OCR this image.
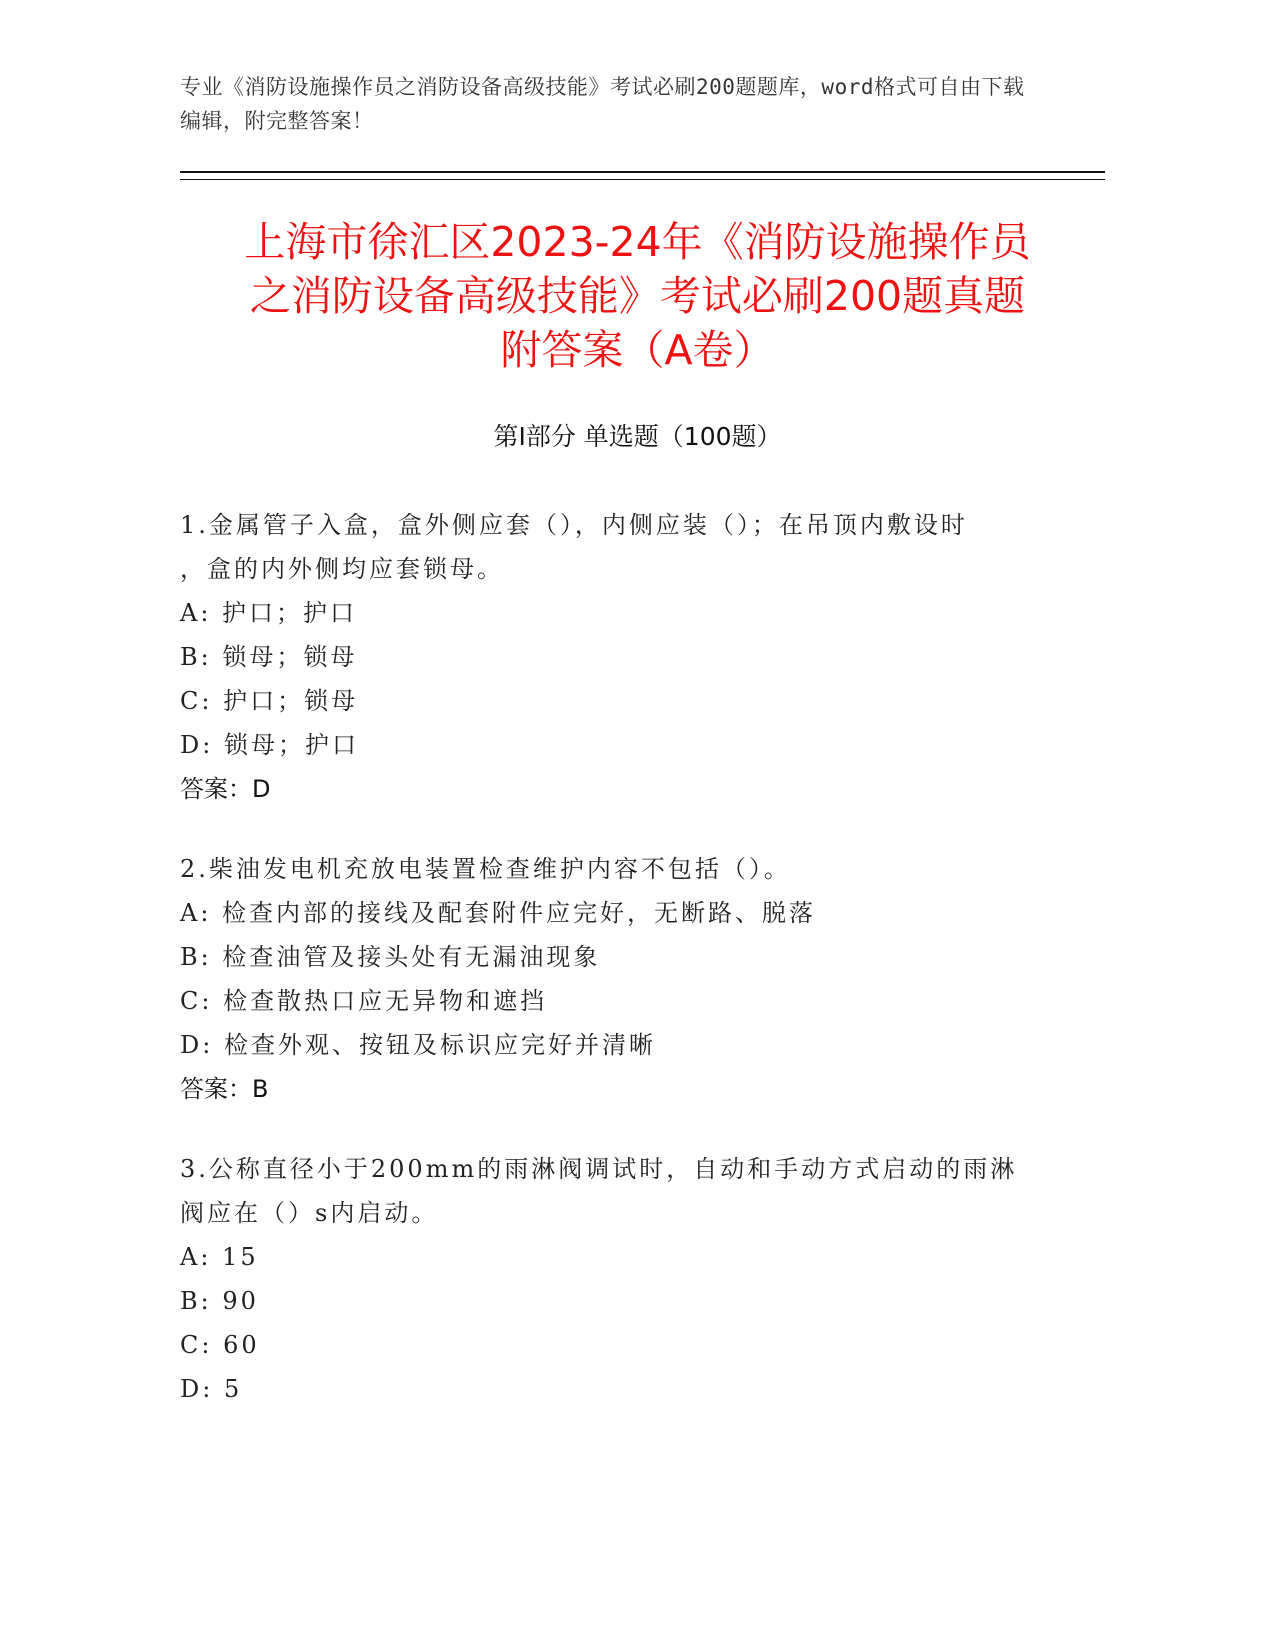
专业《消防设施操作员之消防设备高级技能》考试必刷200题题库，word格式可自由下载编辑，附完整答案！
上海市徐汇区2023-24年《消防设施操作员
之消防设备高级技能》考试必刷200题真题
附答案（A卷）
第Ⅰ部分 单选题（100题）
1.金属管子入盒，盒外侧应套（），内侧应装（）；在吊顶内敷设时
，盒的内外侧均应套锁母。
A: 护口；护口
B: 锁母；锁母
C: 护口；锁母
D: 锁母；护口
答案：D
2.柴油发电机充放电装置检查维护内容不包括（）。
A: 检查内部的接线及配套附件应完好，无断路、脱落
B: 检查油管及接头处有无漏油现象
C: 检查散热口应无异物和遮挡
D: 检查外观、按钮及标识应完好并清晰
答案：B
3.公称直径小于200mm的雨淋阀调试时，自动和手动方式启动的雨淋
阀应在（）s内启动。
A: 15
B: 90
C: 60
D: 5
